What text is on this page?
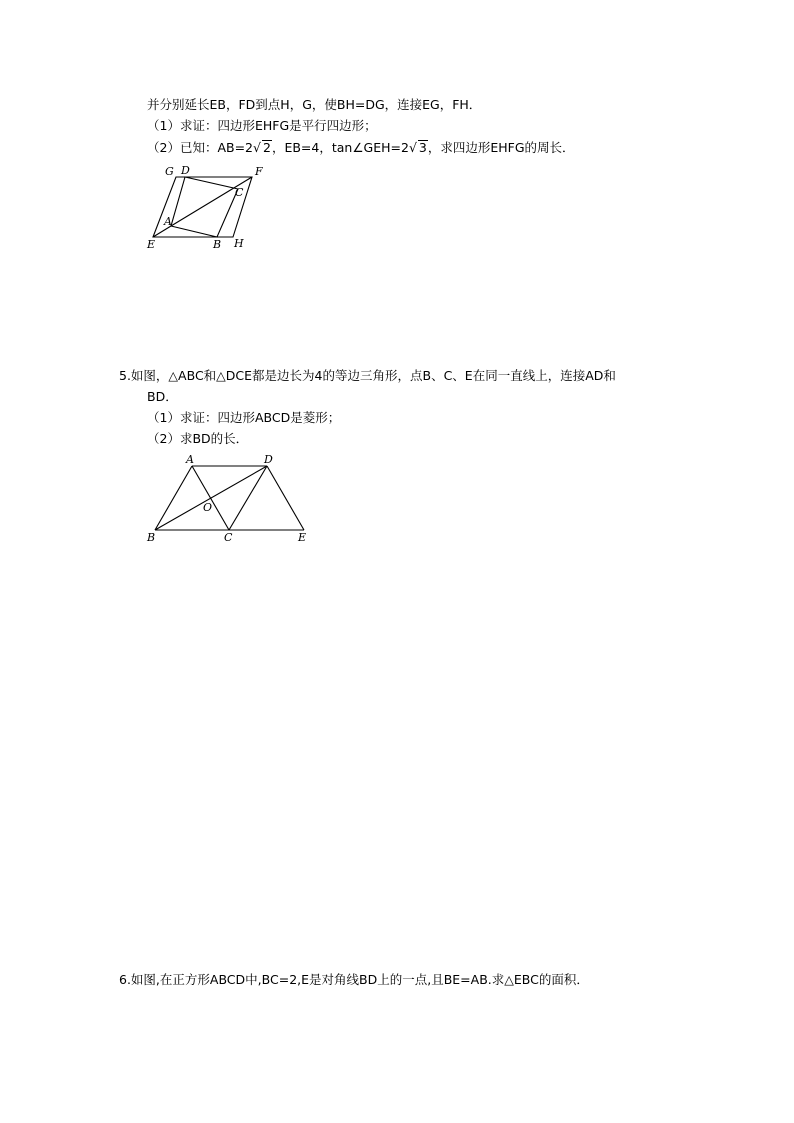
并分别延长EB，FD到点H，G，使BH=DG，连接EG，FH．
（1）求证：四边形EHFG是平行四边形；
（2）已知：AB=2√ 2，EB=4，tan∠GEH=2√ 3，求四边形EHFG的周长．
G D	F
C
A
E	B H
5.如图，△ABC和△DCE都是边长为4的等边三角形，点B、C、E在同一直线上，连接AD和
BD．
（1）求证：四边形ABCD是菱形；
（2）求BD的长．
A	D
O
B	C	E
6.如图,在正方形ABCD中,BC=2,E是对角线BD上的一点,且BE=AB.求△EBC的面积．
